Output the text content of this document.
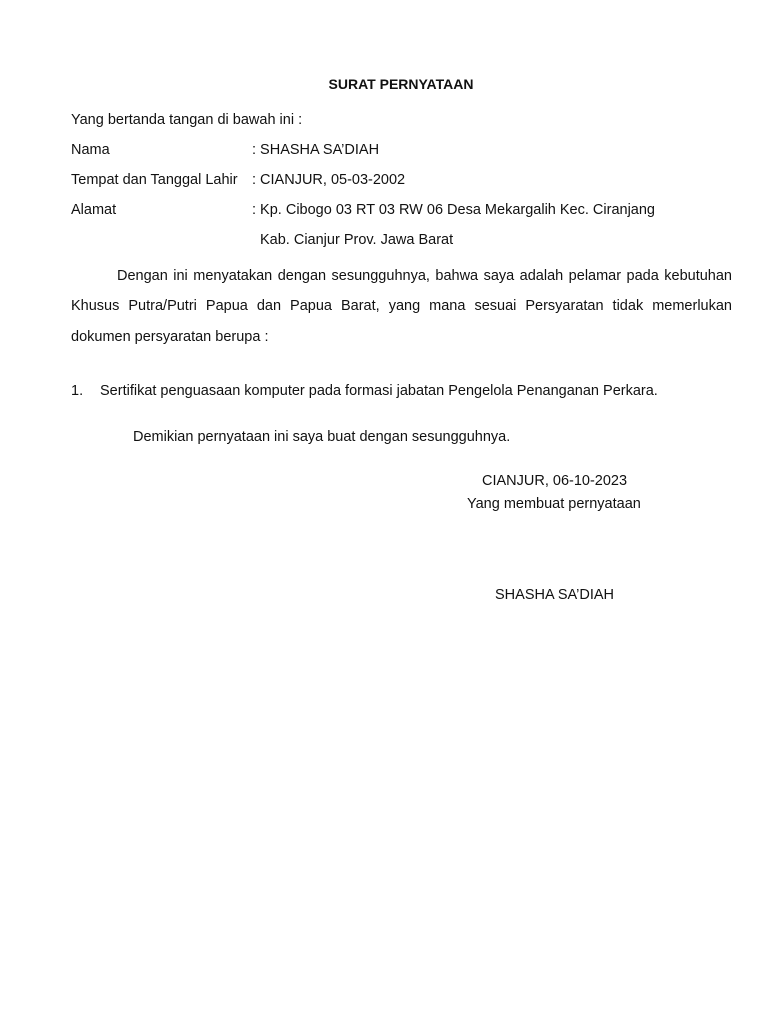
SURAT PERNYATAAN
Yang bertanda tangan di bawah ini :
Nama	: SHASHA SA’DIAH
Tempat dan Tanggal Lahir : CIANJUR, 05-03-2002
Alamat	: Kp. Cibogo 03 RT 03 RW 06 Desa Mekargalih Kec. Ciranjang
Kab. Cianjur Prov. Jawa Barat

Dengan ini menyatakan dengan sesungguhnya, bahwa saya adalah pelamar pada kebutuhan Khusus Putra/Putri Papua dan Papua Barat, yang mana sesuai Persyaratan tidak memerlukan dokumen persyaratan berupa :

1. Sertifikat penguasaan komputer pada formasi jabatan Pengelola Penanganan Perkara.
Demikian pernyataan ini saya buat dengan sesungguhnya.
CIANJUR, 06-10-2023
Yang membuat pernyataan
SHASHA SA’DIAH
